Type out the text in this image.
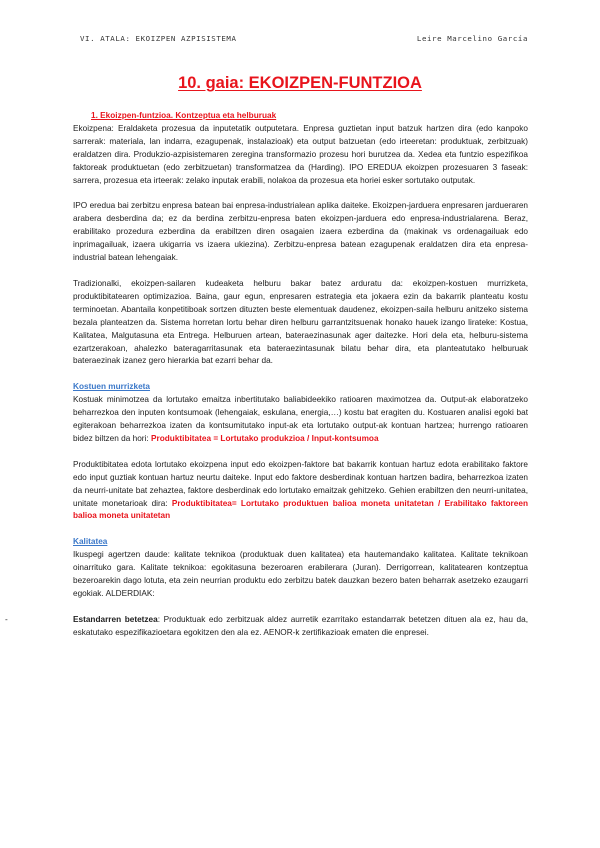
VI. ATALA: EKOIZPEN AZPISISTEMA	Leire Marcelino García
10. gaia: EKOIZPEN-FUNTZIOA

1. Ekoizpen-funtzioa. Kontzeptua eta helburuak

Ekoizpena: Eraldaketa prozesua da inputetatik outputetara. Enpresa guztietan input batzuk hartzen dira (edo kanpoko sarrerak: materiala, lan indarra, ezagupenak, instalazioak) eta output batzuetan (edo irteeretan: produktuak, zerbitzuak) eraldatzen dira. Produkzio-azpisistemaren zeregina transformazio prozesu hori burutzea da. Xedea eta funtzio espezifikoa faktoreak produktuetan (edo zerbitzuetan) transformatzea da (Harding). IPO EREDUA ekoizpen prozesuaren 3 faseak: sarrera, prozesua eta irteerak: zelako inputak erabili, nolakoa da prozesua eta horiei esker sortutako outputak.

IPO eredua bai zerbitzu enpresa batean bai enpresa-industrialean aplika daiteke. Ekoizpen-jarduera enpresaren jardueraren arabera desberdina da; ez da berdina zerbitzu-enpresa baten ekoizpen-jarduera edo enpresa-industrialarena. Beraz, erabilitako prozedura ezberdina da erabiltzen diren osagaien izaera ezberdina da (makinak vs ordenagailuak edo inprimagailuak, izaera ukigarria vs izaera ukiezina). Zerbitzu-enpresa batean ezagupenak eraldatzen dira eta enpresa-industrial batean lehengaiak.

Tradizionalki, ekoizpen-sailaren kudeaketa helburu bakar batez arduratu da: ekoizpen-kostuen murrizketa, produktibitatearen optimizazioa. Baina, gaur egun, enpresaren estrategia eta jokaera ezin da bakarrik planteatu kostu terminoetan. Abantaila konpetitiboak sortzen dituzten beste elementuak daudenez, ekoizpen-saila helburu anitzeko sistema bezala planteatzen da. Sistema horretan lortu behar diren helburu garrantzitsuenak honako hauek izango lirateke: Kostua, Kalitatea, Malgutasuna eta Entrega. Helburuen artean, bateraezinasunak ager daitezke. Hori dela eta, helburu-sistema ezartzerakoan, ahalezko bateragarritasunak eta bateraezintasunak bilatu behar dira, eta planteatutako helburuak bateraezinak izanez gero hierarkia bat ezarri behar da.

Kostuen murrizketa

Kostuak minimotzea da lortutako emaitza inbertitutako baliabideekiko ratioaren maximotzea da. Output-ak elaboratzeko beharrezkoa den inputen kontsumoak (lehengaiak, eskulana, energia,…) kostu bat eragiten du. Kostuaren analisi egoki bat egiterakoan beharrezkoa izaten da kontsumitutako input-ak eta lortutako output-ak kontuan hartzea; hurrengo ratioaren bidez biltzen da hori: Produktibitatea = Lortutako produkzioa / Input-kontsumoa

Produktibitatea edota lortutako ekoizpena input edo ekoizpen-faktore bat bakarrik kontuan hartuz edota erabilitako faktore edo input guztiak kontuan hartuz neurtu daiteke. Input edo faktore desberdinak kontuan hartzen badira, beharrezkoa izaten da neurri-unitate bat zehaztea, faktore desberdinak edo lortutako emaitzak gehitzeko. Gehien erabiltzen den neurri-unitatea, unitate monetarioak dira: Produktibitatea= Lortutako produktuen balioa moneta unitatetan / Erabilitako faktoreen balioa moneta unitatetan

Kalitatea

Ikuspegi agertzen daude: kalitate teknikoa (produktuak duen kalitatea) eta hautemandako kalitatea. Kalitate teknikoan oinarrituko gara. Kalitate teknikoa: egokitasuna bezeroaren erabilerara (Juran). Derrigorrean, kalitatearen kontzeptua bezeroarekin dago lotuta, eta zein neurrian produktu edo zerbitzu batek dauzkan bezero baten beharrak asetzeko ezaugarri egokiak. ALDERDIAK:

-	Estandarren betetzea: Produktuak edo zerbitzuak aldez aurretik ezarritako estandarrak betetzen dituen ala ez, hau da, eskatutako espezifikazioetara egokitzen den ala ez. AENOR-k zertifikazioak ematen die enpresei.
